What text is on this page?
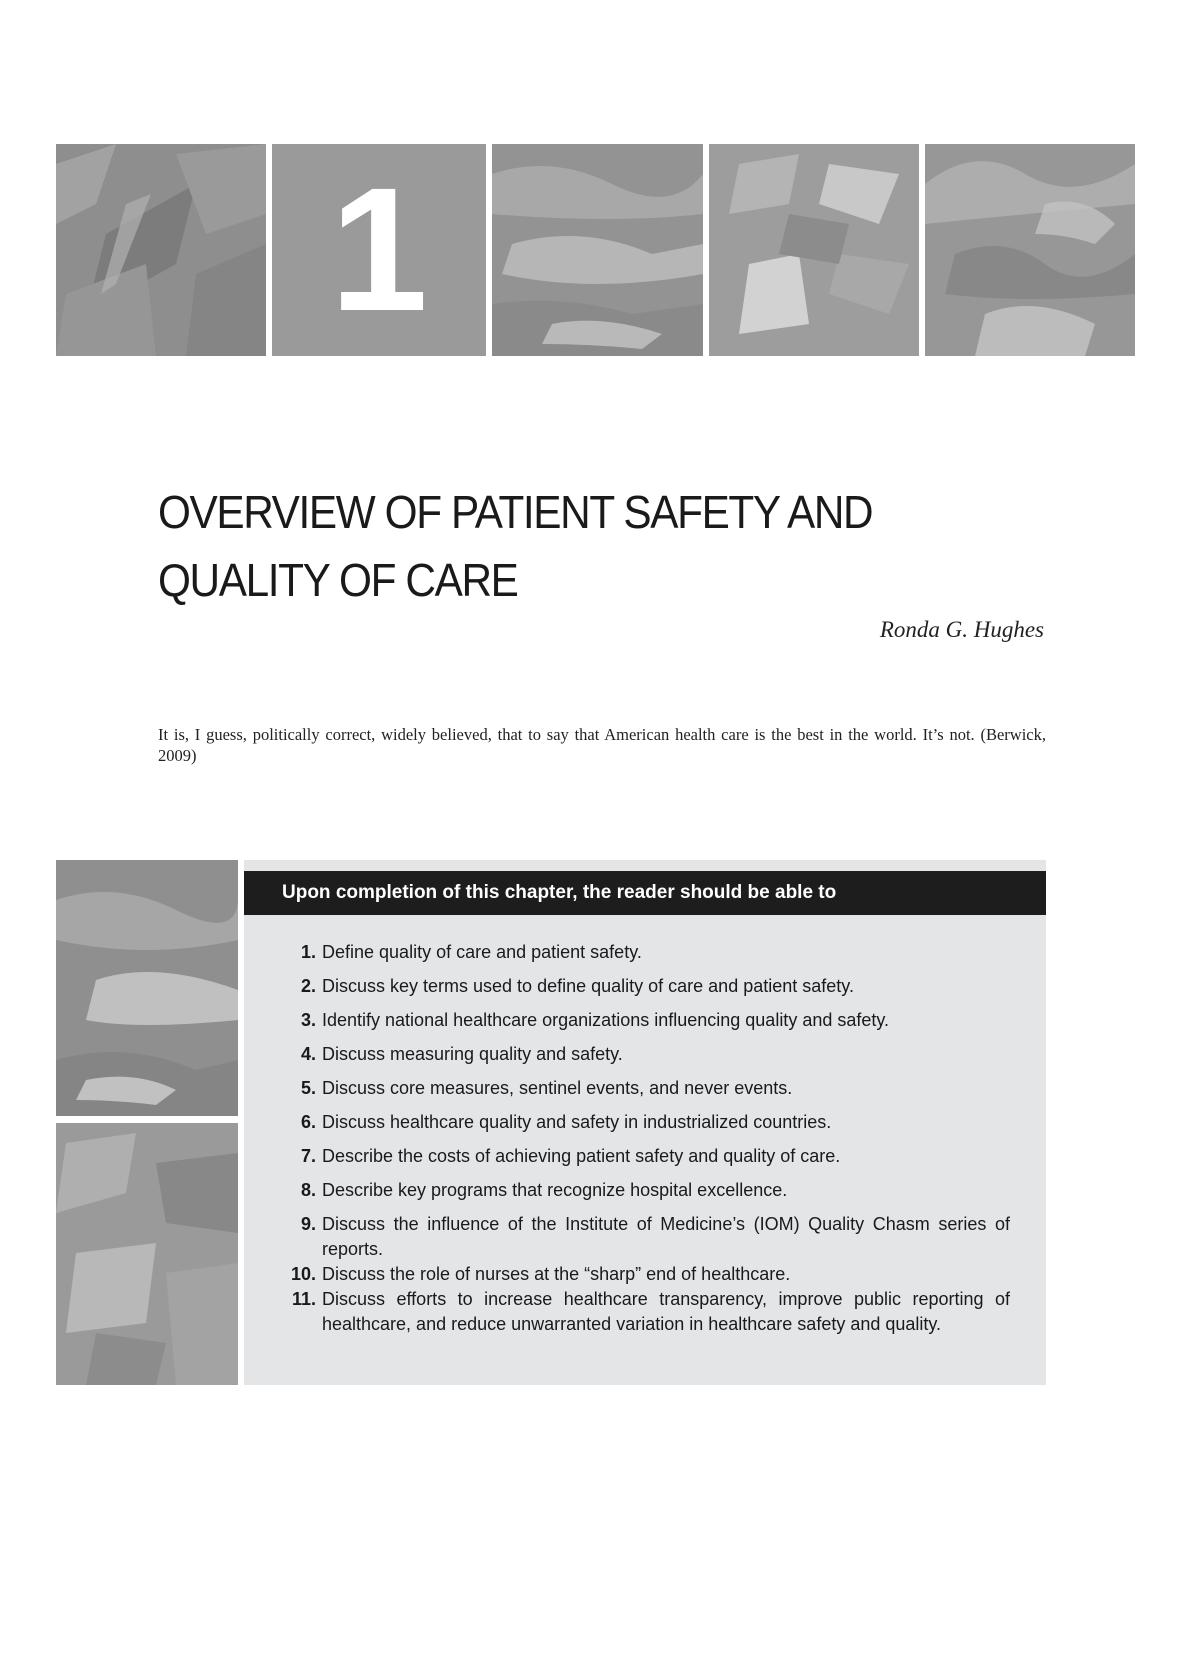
1
OVERVIEW OF PATIENT SAFETY AND
QUALITY OF CARE
Ronda G. Hughes

It is, I guess, politically correct, widely believed, that to say that American health care is the best in the world. It’s not. (Berwick, 2009)

Upon completion of this chapter, the reader should be able to
1. Define quality of care and patient safety.
2. Discuss key terms used to define quality of care and patient safety.
3. Identify national healthcare organizations influencing quality and safety.
4. Discuss measuring quality and safety.
5. Discuss core measures, sentinel events, and never events.
6. Discuss healthcare quality and safety in industrialized countries.
7. Describe the costs of achieving patient safety and quality of care.
8. Describe key programs that recognize hospital excellence.
9. Discuss the influence of the Institute of Medicine’s (IOM) Quality Chasm series of reports.
10. Discuss the role of nurses at the “sharp” end of healthcare.
11. Discuss efforts to increase healthcare transparency, improve public reporting of healthcare, and reduce unwarranted variation in healthcare safety and quality.
